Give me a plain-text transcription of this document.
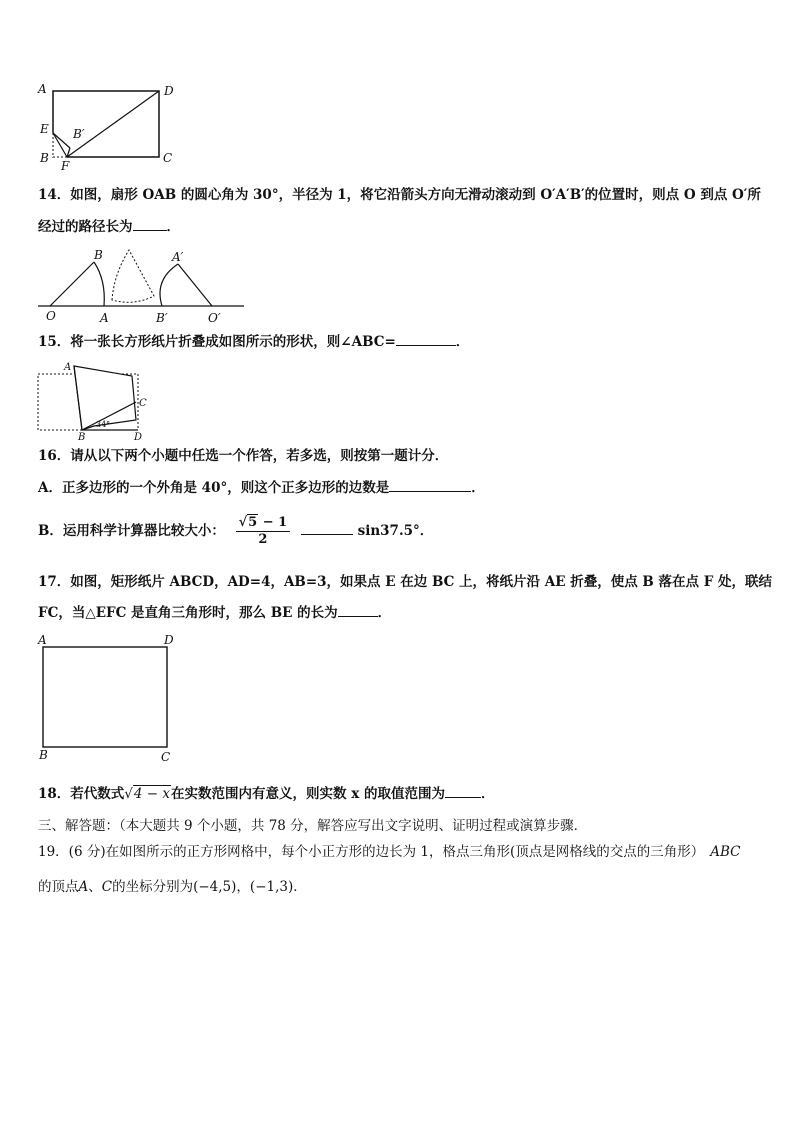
A	D
E B′
B
F
C
14．如图，扇形 OAB 的圆心角为 30°，半径为 1，将它沿箭头方向无滑动滚动到 O′A′B′的位置时，则点 O 到点 O′所
经过的路径长为	．
B	A′
O	A	B′	O′
15．将一张长方形纸片折叠成如图所示的形状，则∠ABC=	．
A
C
B	D
34°
16．请从以下两个小题中任选一个作答，若多选，则按第一题计分．
A．正多边形的一个外角是 40°，则这个正多边形的边数是	．
B．运用科学计算器比较大小： $\frac{√5 - 1}{2}$	sin37.5°．
17．如图，矩形纸片 ABCD，AD=4，AB=3，如果点 E 在边 BC 上，将纸片沿 AE 折叠，使点 B 落在点 F 处，联结
FC，当△EFC 是直角三角形时，那么 BE 的长为	．
A	D
B	C
18．若代数式√4 − x在实数范围内有意义，则实数 x 的取值范围为	．
三、解答题：（本大题共 9 个小题，共 78 分，解答应写出文字说明、证明过程或演算步骤．
19．(6 分)在如图所示的正方形网格中，每个小正方形的边长为 1，格点三角形(顶点是网格线的交点的三角形） ABC
的顶点A、C的坐标分别为(−4,5)，(−1,3)．
